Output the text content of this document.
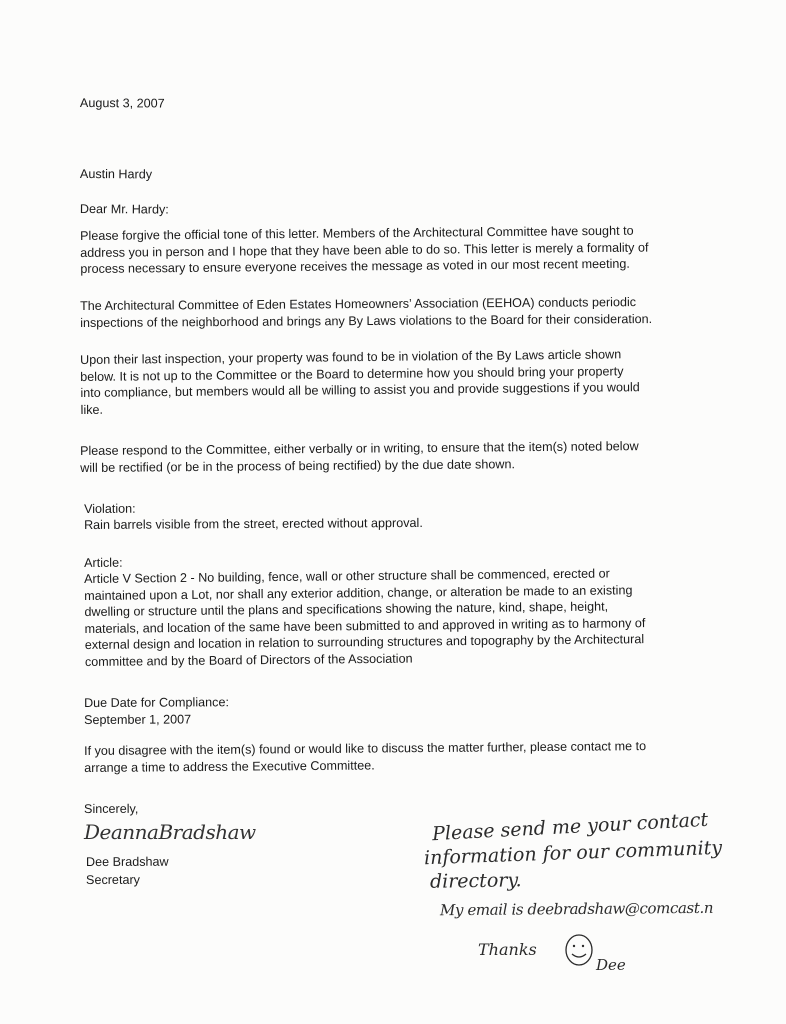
August 3, 2007
Austin Hardy
Dear Mr. Hardy:
Please forgive the official tone of this letter. Members of the Architectural Committee have sought to
address you in person and I hope that they have been able to do so. This letter is merely a formality of
process necessary to ensure everyone receives the message as voted in our most recent meeting.
The Architectural Committee of Eden Estates Homeowners’ Association (EEHOA) conducts periodic
inspections of the neighborhood and brings any By Laws violations to the Board for their consideration.
Upon their last inspection, your property was found to be in violation of the By Laws article shown
below. It is not up to the Committee or the Board to determine how you should bring your property
into compliance, but members would all be willing to assist you and provide suggestions if you would
like.
Please respond to the Committee, either verbally or in writing, to ensure that the item(s) noted below
will be rectified (or be in the process of being rectified) by the due date shown.
Violation:
Rain barrels visible from the street, erected without approval.
Article:
Article V Section 2 - No building, fence, wall or other structure shall be commenced, erected or
maintained upon a Lot, nor shall any exterior addition, change, or alteration be made to an existing
dwelling or structure until the plans and specifications showing the nature, kind, shape, height,
materials, and location of the same have been submitted to and approved in writing as to harmony of
external design and location in relation to surrounding structures and topography by the Architectural
committee and by the Board of Directors of the Association
Due Date for Compliance:
September 1, 2007
If you disagree with the item(s) found or would like to discuss the matter further, please contact me to
arrange a time to address the Executive Committee.
Sincerely,
DeannaBradshaw
Dee Bradshaw
Secretary
Please send me your contact
information for our community
directory.
My email is deebradshaw@comcast.n
Thanks
Dee
